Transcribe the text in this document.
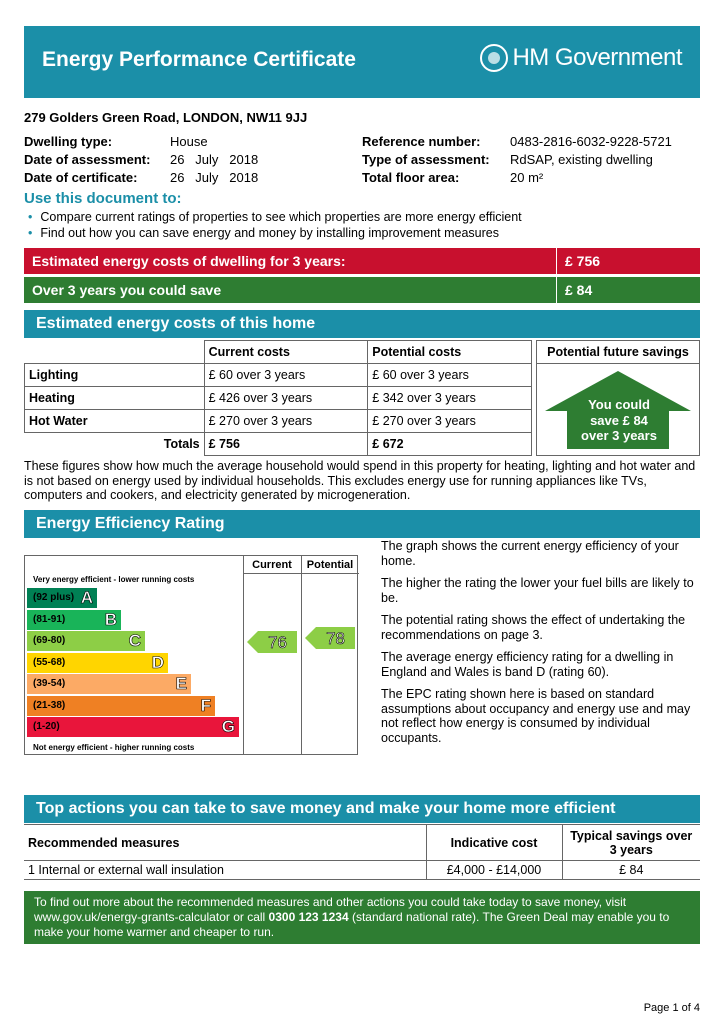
Energy Performance Certificate	HM Government
279 Golders Green Road, LONDON, NW11 9JJ
Dwelling type:	House
Date of assessment: 26   July   2018
Date of certificate:	26   July   2018
Reference number: 0483-2816-6032-9228-5721
Type of assessment: RdSAP, existing dwelling
Total floor area:	20 m²
Use this document to:
• Compare current ratings of properties to see which properties are more energy efficient
• Find out how you can save energy and money by installing improvement measures
Estimated energy costs of dwelling for 3 years:	£ 756
Over 3 years you could save	£ 84
Estimated energy costs of this home
	Current costs	Potential costs
Lighting	£ 60 over 3 years	£ 60 over 3 years
Heating	£ 426 over 3 years	£ 342 over 3 years
Hot Water	£ 270 over 3 years	£ 270 over 3 years
Totals	£ 756	£ 672
Potential future savings
You could
save £ 84
over 3 years
These figures show how much the average household would spend in this property for heating, lighting and hot water and is not based on energy used by individual households. This excludes energy use for running appliances like TVs, computers and cookers, and electricity generated by microgeneration.
Energy Efficiency Rating
Current	Potential
Very energy efficient - lower running costs
(92 plus) A
(81-91) B
(69-80)	C
(55-68)	D
(39-54)	E
(21-38)	F
(1-20)	G
Not energy efficient - higher running costs
76 78

The graph shows the current energy efficiency of your home.

The higher the rating the lower your fuel bills are likely to be.

The potential rating shows the effect of undertaking the recommendations on page 3.

The average energy efficiency rating for a dwelling in England and Wales is band D (rating 60).

The EPC rating shown here is based on standard assumptions about occupancy and energy use and may not reflect how energy is consumed by individual occupants.

Top actions you can take to save money and make your home more efficient
Recommended measures	Indicative cost	Typical savings over 3 years
1 Internal or external wall insulation	£4,000 - £14,000	£ 84
To find out more about the recommended measures and other actions you could take today to save money, visit www.gov.uk/energy-grants-calculator or call 0300 123 1234 (standard national rate). The Green Deal may enable you to make your home warmer and cheaper to run.
Page 1 of 4
